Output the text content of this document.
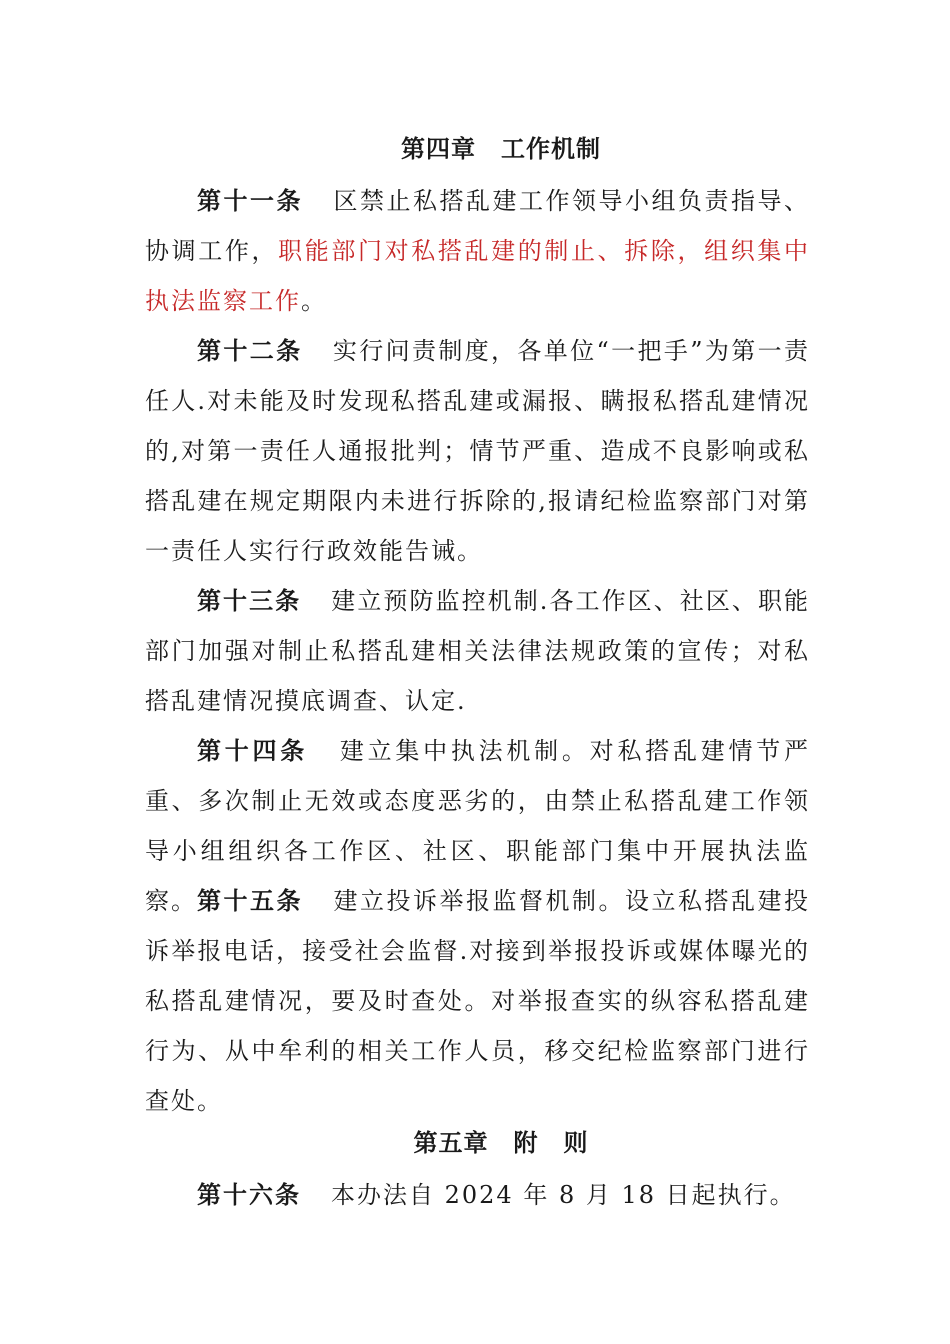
第四章　工作机制

第十一条 区禁止私搭乱建工作领导小组负责指导、协调工作，职能部门对私搭乱建的制止、拆除，组织集中执法监察工作。

第十二条 实行问责制度，各单位“一把手”为第一责任人.对未能及时发现私搭乱建或漏报、瞒报私搭乱建情况的,对第一责任人通报批判；情节严重、造成不良影响或私搭乱建在规定期限内未进行拆除的,报请纪检监察部门对第一责任人实行行政效能告诫。

第十三条 建立预防监控机制.各工作区、社区、职能部门加强对制止私搭乱建相关法律法规政策的宣传；对私搭乱建情况摸底调查、认定.

第十四条 建立集中执法机制。对私搭乱建情节严重、多次制止无效或态度恶劣的，由禁止私搭乱建工作领导小组组织各工作区、社区、职能部门集中开展执法监察。 第十五条 建立投诉举报监督机制。设立私搭乱建投诉举报电话，接受社会监督.对接到举报投诉或媒体曝光的私搭乱建情况，要及时查处。对举报查实的纵容私搭乱建行为、从中牟利的相关工作人员，移交纪检监察部门进行查处。

第五章　附　则

第十六条 本办法自 2024 年 8 月 18 日起执行。
